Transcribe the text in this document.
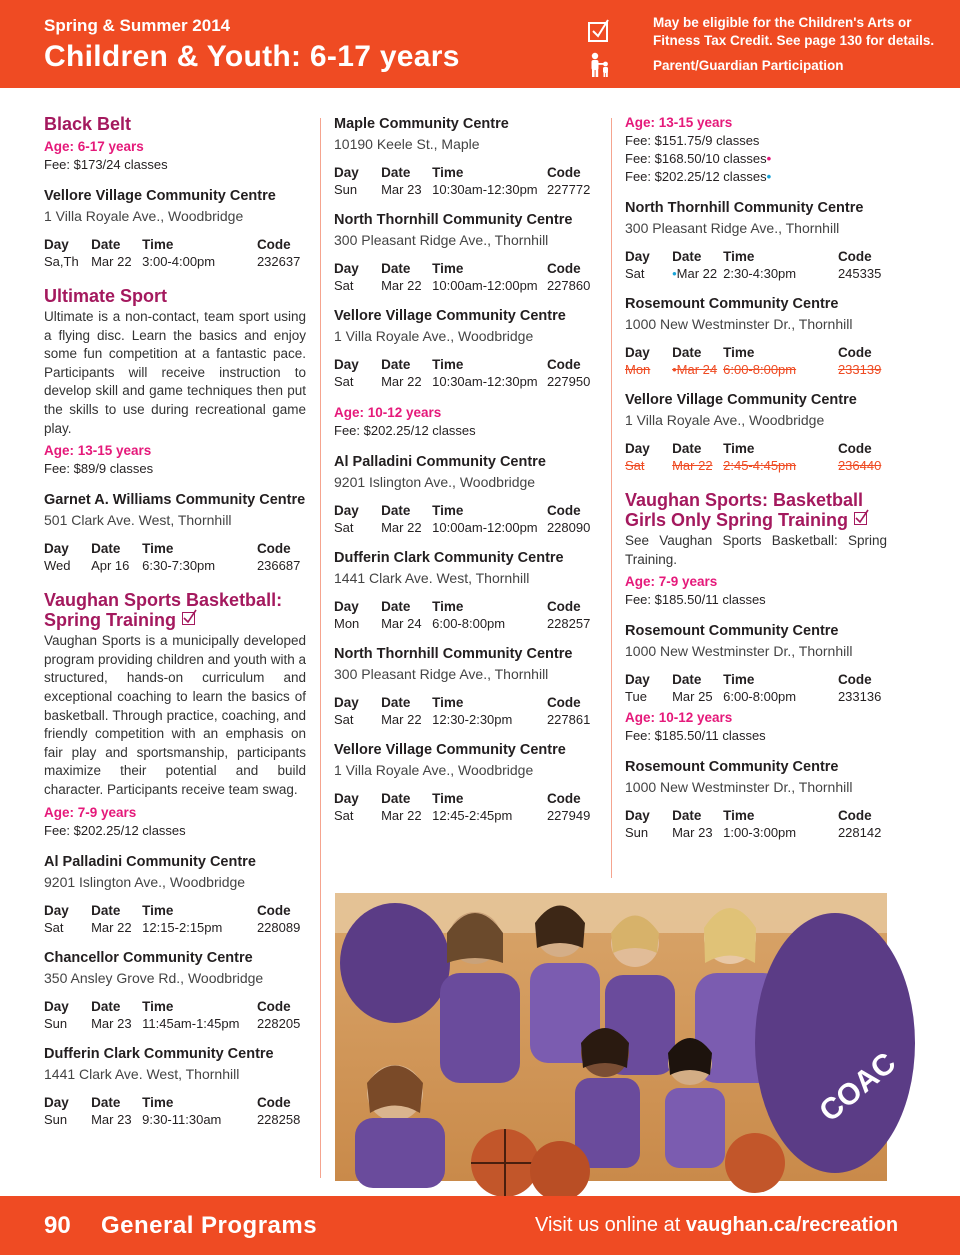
Spring & Summer 2014
Children & Youth: 6-17 years
May be eligible for the Children's Arts or Fitness Tax Credit. See page 130 for details.
Parent/Guardian Participation
Black Belt
Age: 6-17 years
Fee: $173/24 classes
Vellore Village Community Centre
1 Villa Royale Ave., Woodbridge
Day	Date	Time	Code
Sa,Th Mar 22 3:00-4:00pm	232637
Ultimate Sport
Ultimate is a non-contact, team sport using a flying disc. Learn the basics and enjoy some fun competition at a fantastic pace. Participants will receive instruction to develop skill and game techniques then put the skills to use during recreational game play.
Age: 13-15 years
Fee: $89/9 classes
Garnet A. Williams Community Centre
501 Clark Ave. West, Thornhill
Day	Date	Time	Code
Wed	Apr 16 6:30-7:30pm	236687
Vaughan Sports Basketball:
Spring Training
Vaughan Sports is a municipally developed program providing children and youth with a structured, hands-on curriculum and exceptional coaching to learn the basics of basketball. Through practice, coaching, and friendly competition with an emphasis on fair play and sportsmanship, participants maximize their potential and build character. Participants receive team swag.
Age: 7-9 years
Fee: $202.25/12 classes
Al Palladini Community Centre
9201 Islington Ave., Woodbridge
Day	Date	Time	Code
Sat	Mar 22 12:15-2:15pm	228089
Chancellor Community Centre
350 Ansley Grove Rd., Woodbridge
Day	Date	Time	Code
Sun	Mar 23 11:45am-1:45pm	228205
Dufferin Clark Community Centre
1441 Clark Ave. West, Thornhill
Day	Date	Time	Code
Sun	Mar 23 9:30-11:30am	228258
Maple Community Centre
10190 Keele St., Maple
Day	Date	Time	Code
Sun	Mar 23 10:30am-12:30pm 227772
North Thornhill Community Centre
300 Pleasant Ridge Ave., Thornhill
Day	Date	Time	Code
Sat	Mar 22 10:00am-12:00pm 227860
Vellore Village Community Centre
1 Villa Royale Ave., Woodbridge
Day	Date	Time	Code
Sat	Mar 22 10:30am-12:30pm 227950
Age: 10-12 years
Fee: $202.25/12 classes
Al Palladini Community Centre
9201 Islington Ave., Woodbridge
Day	Date	Time	Code
Sat	Mar 22 10:00am-12:00pm 228090
Dufferin Clark Community Centre
1441 Clark Ave. West, Thornhill
Day	Date	Time	Code
Mon	Mar 24 6:00-8:00pm	228257
North Thornhill Community Centre
300 Pleasant Ridge Ave., Thornhill
Day	Date	Time	Code
Sat	Mar 22 12:30-2:30pm	227861
Vellore Village Community Centre
1 Villa Royale Ave., Woodbridge
Day	Date	Time	Code
Sat	Mar 22 12:45-2:45pm	227949
Age: 13-15 years
Fee: $151.75/9 classes
Fee: $168.50/10 classes•
Fee: $202.25/12 classes•
North Thornhill Community Centre
300 Pleasant Ridge Ave., Thornhill
Day	Date	Time	Code
Sat	•Mar 22 2:30-4:30pm	245335
Rosemount Community Centre
1000 New Westminster Dr., Thornhill
Day	Date	Time	Code
Mon	•Mar 24 6:00-8:00pm	233139
Vellore Village Community Centre
1 Villa Royale Ave., Woodbridge
Day	Date	Time	Code
Sat	Mar 22 2:45-4:45pm	236440
Vaughan Sports: Basketball
Girls Only Spring Training
See Vaughan Sports Basketball: Spring Training.
Age: 7-9 years
Fee: $185.50/11 classes
Rosemount Community Centre
1000 New Westminster Dr., Thornhill
Day	Date	Time	Code
Tue	Mar 25 6:00-8:00pm	233136
Age: 10-12 years
Fee: $185.50/11 classes
Rosemount Community Centre
1000 New Westminster Dr., Thornhill
Day	Date	Time	Code
Sun	Mar 23 1:00-3:00pm	228142
COAC
90 General Programs	Visit us online at vaughan.ca/recreation
